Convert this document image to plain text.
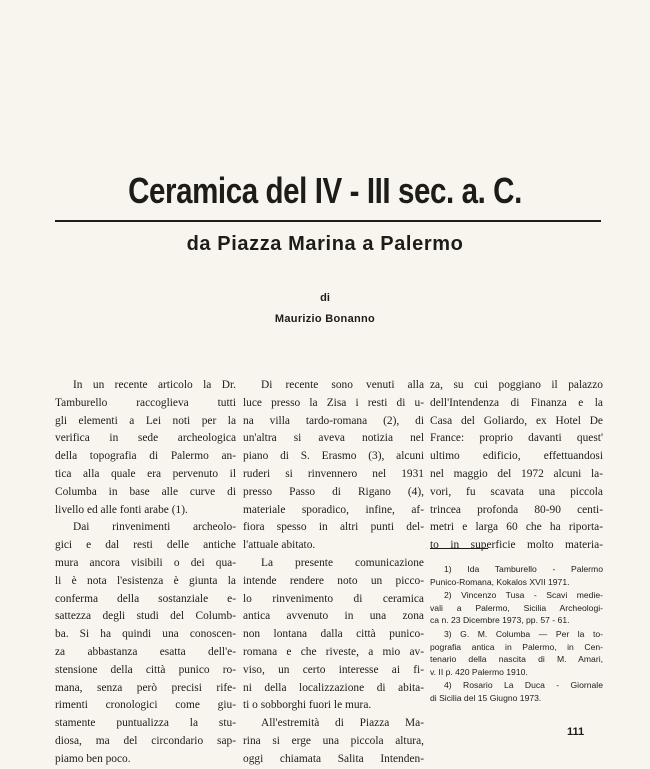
Ceramica del IV - III sec. a. C.
da Piazza Marina a Palermo
di
Maurizio Bonanno
In un recente articolo la Dr.
Tamburello raccoglieva tutti
gli elementi a Lei noti per la
verifica in sede archeologica
della topografia di Palermo an-
tica alla quale era pervenuto il
Columba in base alle curve di
livello ed alle fonti arabe (1).
Dai rinvenimenti archeolo-
gici e dal resti delle antiche
mura ancora visibili o dei qua-
li è nota l'esistenza è giunta la
conferma della sostanziale e-
sattezza degli studi del Columb-
ba. Si ha quindi una conoscen-
za abbastanza esatta dell'e-
stensione della città punico ro-
mana, senza però precisi rife-
rimenti cronologici come giu-
stamente puntualizza la stu-
diosa, ma del circondario sap-
piamo ben poco.
Di recente sono venuti alla
luce presso la Zisa i resti di u-
na villa tardo-romana (2), di
un'altra si aveva notizia nel
piano di S. Erasmo (3), alcuni
ruderi si rinvennero nel 1931
presso Passo di Rigano (4),
materiale sporadico, infine, af-
fiora spesso in altri punti del-
l'attuale abitato.
La presente comunicazione
intende rendere noto un picco-
lo rinvenimento di ceramica
antica avvenuto in una zona
non lontana dalla città punico-
romana e che riveste, a mio av-
viso, un certo interesse ai fi-
ni della localizzazione di abita-
ti o sobborghi fuori le mura.
All'estremità di Piazza Ma-
rina si erge una piccola altura,
oggi chiamata Salita Intenden-
za, su cui poggiano il palazzo
dell'Intendenza di Finanza e la
Casa del Goliardo, ex Hotel De
France: proprio davanti quest'
ultimo edificio, effettuandosi
nel maggio del 1972 alcuni la-
vori, fu scavata una piccola
trincea profonda 80-90 centi-
metri e larga 60 che ha riporta-
to in superficie molto materia-
1) Ida Tamburello - Palermo
Punico-Romana, Kokalos XVII 1971.
2) Vincenzo Tusa - Scavi medie-
vali a Palermo, Sicilia Archeologi-
ca n. 23 Dicembre 1973, pp. 57 - 61.
3) G. M. Columba — Per la to-
pografia antica in Palermo, in Cen-
tenario della nascita di M. Amari,
v. II p. 420 Palermo 1910.
4) Rosario La Duca - Giornale
di Sicilia del 15 Giugno 1973.
111
